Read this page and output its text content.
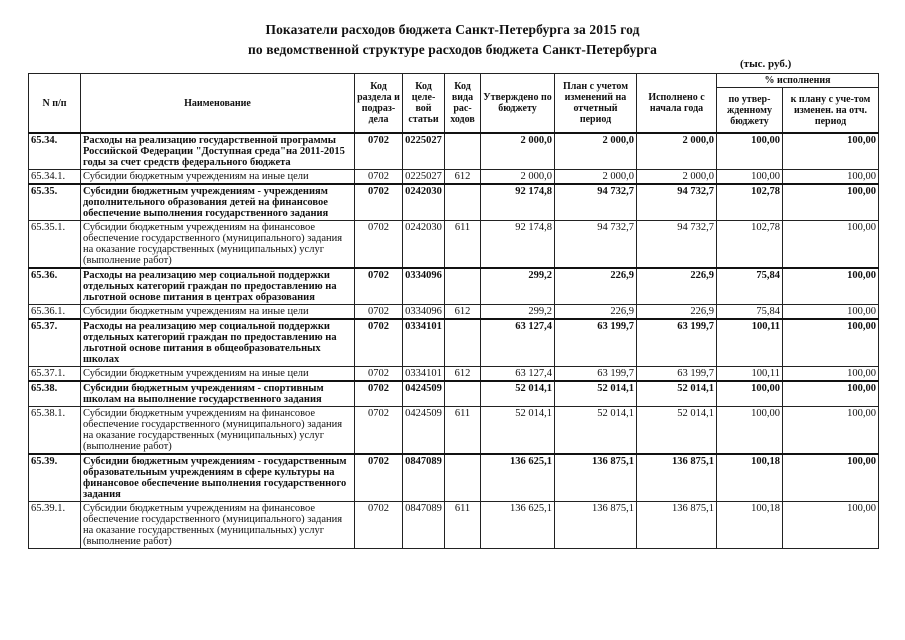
Показатели расходов бюджета Санкт-Петербурга за 2015 год
по ведомственной структуре расходов бюджета Санкт-Петербурга
(тыс. руб.)
N п/п	Наименование	Код раздела и подраз-дела	Код целе-вой статьи	Код вида рас-ходов	Утверждено по бюджету	План с учетом изменений на отчетный период	Исполнено с начала года	% исполнения	
								по утвер-жденному бюджету	к плану с уче-том изменен. на отч. период
65.34.	Расходы на реализацию государственной программы Российской Федерации "Доступная среда"на 2011-2015 годы за счет средств федерального бюджета	0702	0225027		2 000,0	2 000,0	2 000,0	100,00	100,00
65.34.1.	Субсидии бюджетным учреждениям на иные цели	0702	0225027	612	2 000,0	2 000,0	2 000,0	100,00	100,00
65.35.	Субсидии бюджетным учреждениям - учреждениям дополнительного образования детей на финансовое обеспечение выполнения государственного задания	0702	0242030		92 174,8	94 732,7	94 732,7	102,78	100,00
65.35.1.	Субсидии бюджетным учреждениям на финансовое обеспечение государственного (муниципального) задания на оказание государственных (муниципальных) услуг (выполнение работ)	0702	0242030	611	92 174,8	94 732,7	94 732,7	102,78	100,00
65.36.	Расходы на реализацию мер социальной поддержки отдельных категорий граждан по предоставлению на льготной основе питания в центрах образования	0702	0334096		299,2	226,9	226,9	75,84	100,00
65.36.1.	Субсидии бюджетным учреждениям на иные цели	0702	0334096	612	299,2	226,9	226,9	75,84	100,00
65.37.	Расходы на реализацию мер социальной поддержки отдельных категорий граждан по предоставлению на льготной основе питания в общеобразовательных школах	0702	0334101		63 127,4	63 199,7	63 199,7	100,11	100,00
65.37.1.	Субсидии бюджетным учреждениям на иные цели	0702	0334101	612	63 127,4	63 199,7	63 199,7	100,11	100,00
65.38.	Субсидии бюджетным учреждениям - спортивным школам на выполнение государственного задания	0702	0424509		52 014,1	52 014,1	52 014,1	100,00	100,00
65.38.1.	Субсидии бюджетным учреждениям на финансовое обеспечение государственного (муниципального) задания на оказание государственных (муниципальных) услуг (выполнение работ)	0702	0424509	611	52 014,1	52 014,1	52 014,1	100,00	100,00
65.39.	Субсидии бюджетным учреждениям - государственным образовательным учреждениям в сфере культуры на финансовое обеспечение выполнения государственного задания	0702	0847089		136 625,1	136 875,1	136 875,1	100,18	100,00
65.39.1.	Субсидии бюджетным учреждениям на финансовое обеспечение государственного (муниципального) задания на оказание государственных (муниципальных) услуг (выполнение работ)	0702	0847089	611	136 625,1	136 875,1	136 875,1	100,18	100,00
